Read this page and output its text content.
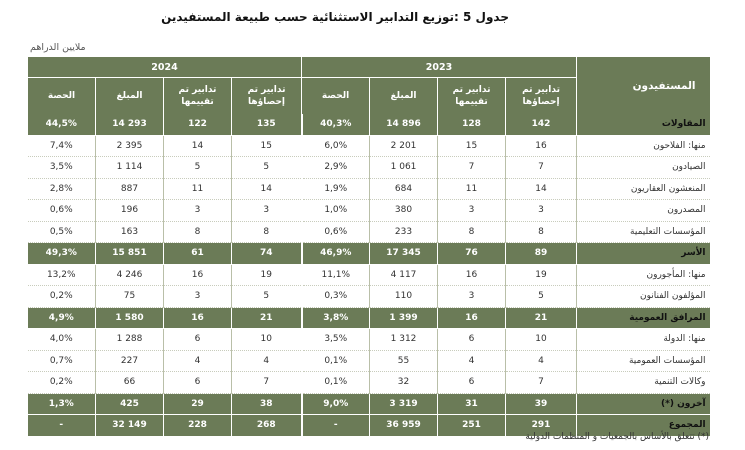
جدول 5 :توزيع التدابير الاستثنائية حسب طبيعة المستفيدين
ملايين الدراهم
2024				2023				المستفيدون
الحصة	المبلغ	تدابير تم تقييمها	تدابير تم إحصاؤها	الحصة	المبلغ	تدابير تم تقييمها	تدابير تم إحصاؤها	
44,5%	14 293	122	135	40,3%	14 896	128	142	المقاولات
7,4%	2 395	14	15	6,0%	2 201	15	16	منها: الفلاحون
3,5%	1 114	5	5	2,9%	1 061	7	7	الصيادون
2,8%	887	11	14	1,9%	684	11	14	المنعشون العقاريون
0,6%	196	3	3	1,0%	380	3	3	المصدرون
0,5%	163	8	8	0,6%	233	8	8	المؤسسات التعليمية
49,3%	15 851	61	74	46,9%	17 345	76	89	الأسر
13,2%	4 246	16	19	11,1%	4 117	16	19	منها: المأجورون
0,2%	75	3	5	0,3%	110	3	5	المؤلفون الفنانون
4,9%	1 580	16	21	3,8%	1 399	16	21	المرافق العمومية
4,0%	1 288	6	10	3,5%	1 312	6	10	منها: الدولة
0,7%	227	4	4	0,1%	55	4	4	المؤسسات العمومية
0,2%	66	6	7	0,1%	32	6	7	وكالات التنمية
1,3%	425	29	38	9,0%	3 319	31	39	آخرون (*)
-	32 149	228	268	-	36 959	251	291	المجموع
(*) تتعلق بالأساس بالجمعيات و المنظمات الدولية
